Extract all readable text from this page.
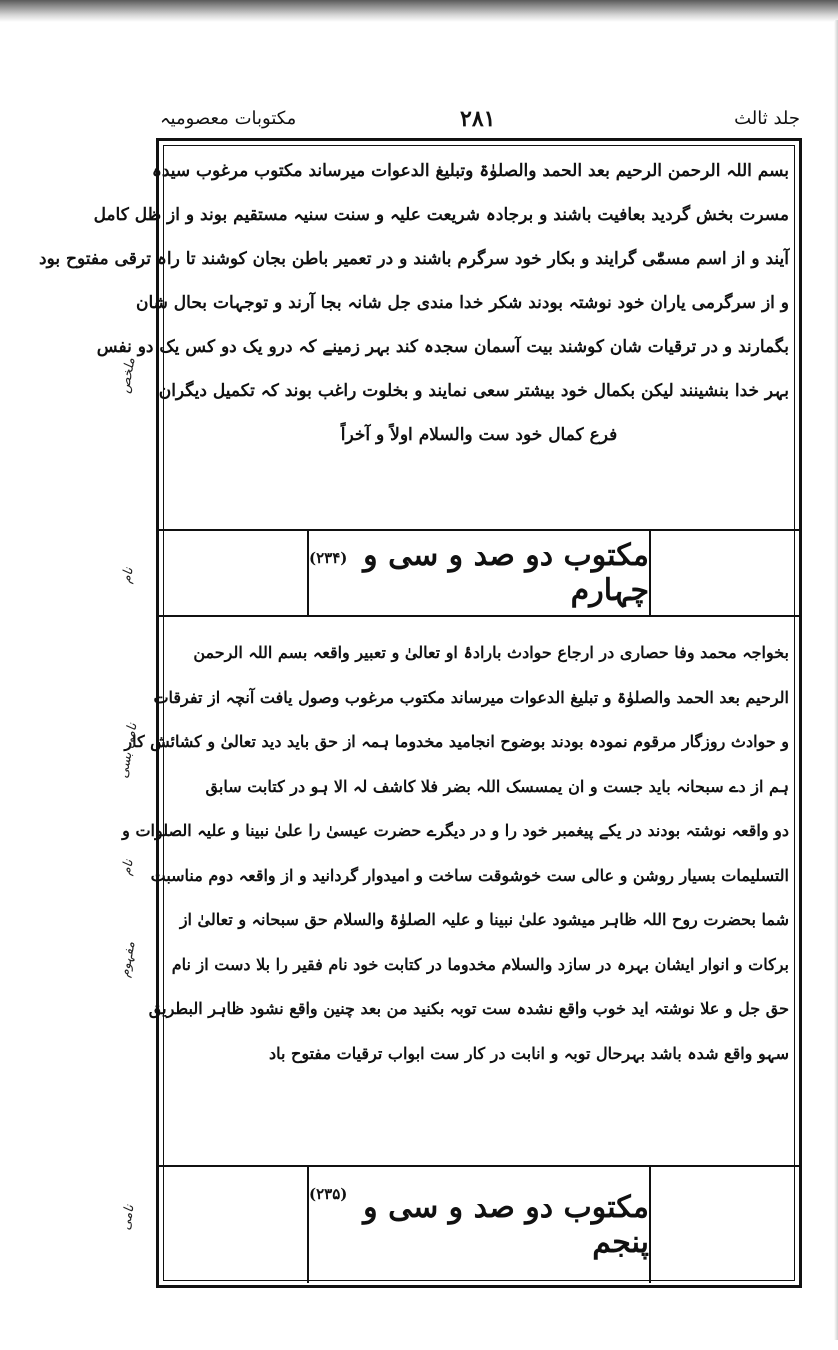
جلد ثالث
۲۸۱
مکتوبات معصومیہ

بسم اللہ الرحمن الرحیم بعد الحمد والصلوٰۃ وتبلیغ الدعوات میرساند مکتوب مرغوب سیدہ

مسرت بخش گردید بعافیت باشند و برجادہ شریعت علیہ و سنت سنیہ مستقیم بوند و از ظل کامل

آیند و از اسم مسمّٰی گرایند و بکار خود سرگرم باشند و در تعمیر باطن بجان کوشند تا راہ ترقی مفتوح بود

و از سرگرمی یاران خود نوشتہ بودند شکر خدا مندی جل شانہ بجا آرند و توجہات بحال شان

بگمارند و در ترقیات شان کوشند بیت آسمان سجدہ کند بہر زمینے کہ درو یک دو کس یک دو نفس

بہر خدا بنشینند لیکن بکمال خود بیشتر سعی نمایند و بخلوت راغب بوند کہ تکمیل دیگران

فرع کمال خود ست والسلام اولاً و آخراً

مکتوب دو صد و سی و چہارم
(۲۳۴)

بخواجہ محمد وفا حصاری در ارجاع حوادث بارادۂ او تعالیٰ و تعبیر واقعہ بسم اللہ الرحمن

الرحیم بعد الحمد والصلوٰۃ و تبلیغ الدعوات میرساند مکتوب مرغوب وصول یافت آنچہ از تفرقات

و حوادث روزگار مرقوم نمودہ بودند بوضوح انجامید مخدوما ہمہ از حق باید دید تعالیٰ و کشائش کار

ہم از دے سبحانہ باید جست و ان یمسسک اللہ بضر فلا کاشف لہ الا ہو در کتابت سابق

دو واقعہ نوشتہ بودند در یکے پیغمبر خود را و در دیگرے حضرت عیسیٰ را علیٰ نبینا و علیہ الصلوات و

التسلیمات بسیار روشن و عالی ست خوشوقت ساخت و امیدوار گردانید و از واقعہ دوم مناسبت

شما بحضرت روح اللہ ظاہر میشود علیٰ نبینا و علیہ الصلوٰۃ والسلام حق سبحانہ و تعالیٰ از

برکات و انوار ایشان بہرہ در سازد والسلام مخدوما در کتابت خود نام فقیر را بلا دست از نام

حق جل و علا نوشتہ اید خوب واقع نشدہ ست توبہ بکنید من بعد چنین واقع نشود ظاہر البطریق

سہو واقع شدہ باشد بہرحال توبہ و انابت در کار ست ابواب ترقیات مفتوح باد

مکتوب دو صد و سی و پنجم
(۲۳۵)
ملخص
نام
نامی بسی
نام
مفہوم
نامی
